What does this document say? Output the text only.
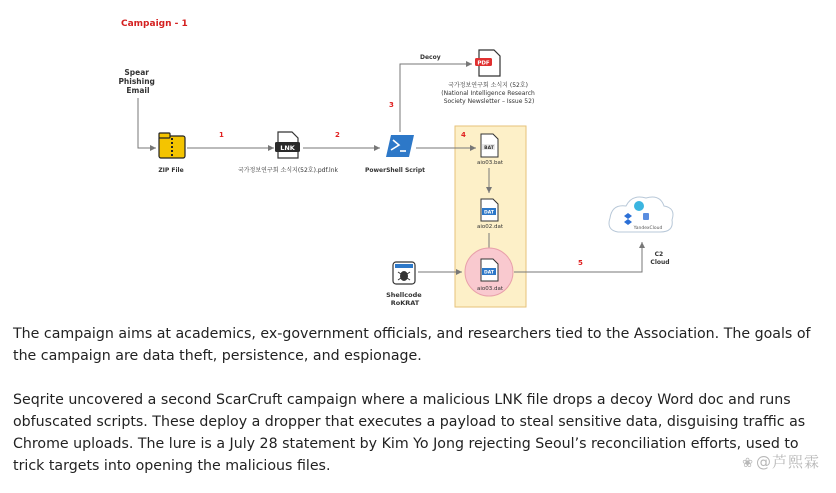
Campaign - 1
Spear Phishing Email
ZIP File
1
LNK
국가정보연구회 소식지(52호).pdf.lnk
2
PowerShell Script
3
Decoy
PDF
국가정보연구회 소식지 (52호) (National Intelligence Research Society Newsletter – Issue 52)
4
BAT
aio03.bat
DAT
aio02.dat
DAT
aio03.dat
Shellcode RoKRAT
5
YandexCloud
C2 Cloud

The campaign aims at academics, ex-government officials, and researchers tied to the Association. The goals of the campaign are data theft, persistence, and espionage.

Seqrite uncovered a second ScarCruft campaign where a malicious LNK file drops a decoy Word doc and runs obfuscated scripts. These deploy a dropper that executes a payload to steal sensitive data, disguising traffic as Chrome uploads. The lure is a July 28 statement by Kim Yo Jong rejecting Seoul’s reconciliation efforts, used to trick targets into opening the malicious files.	❀ @芦熙霖
